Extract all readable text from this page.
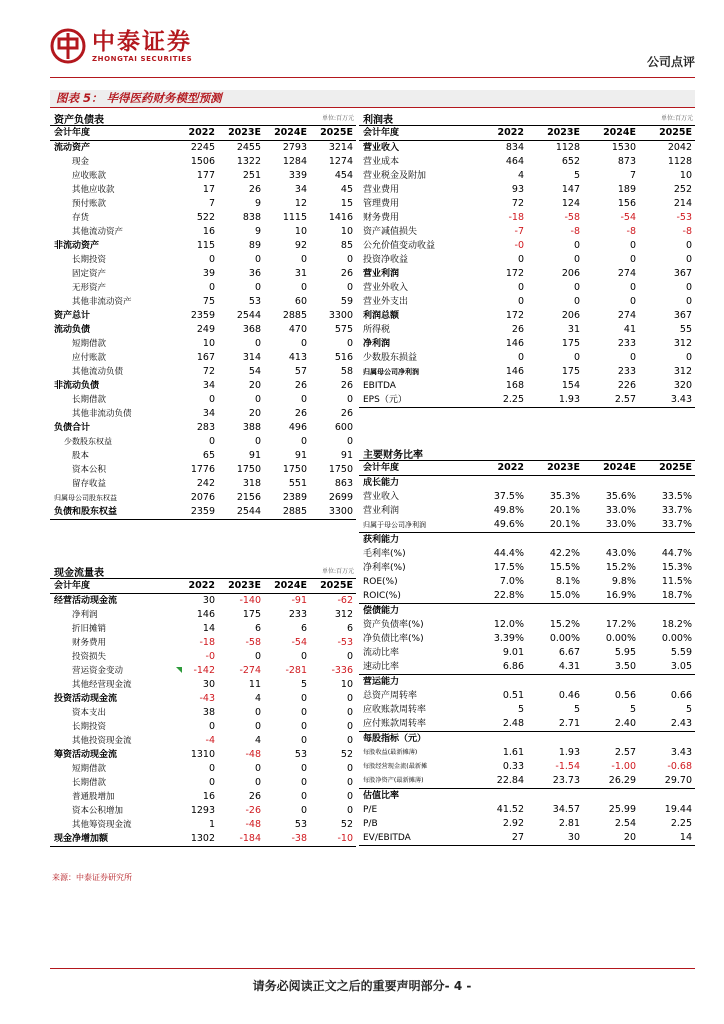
中泰证券
ZHONGTAI SECURITIES	公司点评
图表 5： 毕得医药财务模型预测
资产负债表	单位:百万元 利润表	单位:百万元
主要财务比率
现金流量表	单位:百万元
会计年度	2022	2023E	2024E	2025E
流动资产	2245	2455	2793	3214
现金	1506	1322	1284	1274
应收账款	177	251	339	454
其他应收款	17	26	34	45
预付账款	7	9	12	15
存货	522	838	1115	1416
其他流动资产	16	9	10	10
非流动资产	115	89	92	85
长期投资	0	0	0	0
固定资产	39	36	31	26
无形资产	0	0	0	0
其他非流动资产	75	53	60	59
资产总计	2359	2544	2885	3300
流动负债	249	368	470	575
短期借款	10	0	0	0
应付账款	167	314	413	516
其他流动负债	72	54	57	58
非流动负债	34	20	26	26
长期借款	0	0	0	0
其他非流动负债	34	20	26	26
负债合计	283	388	496	600
少数股东权益	0	0	0	0
股本	65	91	91	91
资本公积	1776	1750	1750	1750
留存收益	242	318	551	863
归属母公司股东权益	2076	2156	2389	2699
负债和股东权益	2359	2544	2885	3300
会计年度	2022	2023E	2024E	2025E
营业收入	834	1128	1530	2042
营业成本	464	652	873	1128
营业税金及附加	4	5	7	10
营业费用	93	147	189	252
管理费用	72	124	156	214
财务费用	-18	-58	-54	-53
资产减值损失	-7	-8	-8	-8
公允价值变动收益	-0	0	0	0
投资净收益	0	0	0	0
营业利润	172	206	274	367
营业外收入	0	0	0	0
营业外支出	0	0	0	0
利润总额	172	206	274	367
所得税	26	31	41	55
净利润	146	175	233	312
少数股东损益	0	0	0	0
归属母公司净利润	146	175	233	312
EBITDA	168	154	226	320
EPS（元）	2.25	1.93	2.57	3.43
会计年度	2022	2023E	2024E	2025E
成长能力				
营业收入	37.5%	35.3%	35.6%	33.5%
营业利润	49.8%	20.1%	33.0%	33.7%
归属于母公司净利润	49.6%	20.1%	33.0%	33.7%
获利能力				
毛利率(%)	44.4%	42.2%	43.0%	44.7%
净利率(%)	17.5%	15.5%	15.2%	15.3%
ROE(%)	7.0%	8.1%	9.8%	11.5%
ROIC(%)	22.8%	15.0%	16.9%	18.7%
偿债能力				
资产负债率(%)	12.0%	15.2%	17.2%	18.2%
净负债比率(%)	3.39%	0.00%	0.00%	0.00%
流动比率	9.01	6.67	5.95	5.59
速动比率	6.86	4.31	3.50	3.05
营运能力				
总资产周转率	0.51	0.46	0.56	0.66
应收账款周转率	5	5	5	5
应付账款周转率	2.48	2.71	2.40	2.43
每股指标（元）				
每股收益(最新摊薄)	1.61	1.93	2.57	3.43
每股经营现金流(最新摊	0.33	-1.54	-1.00	-0.68
每股净资产(最新摊薄)	22.84	23.73	26.29	29.70
估值比率				
P/E	41.52	34.57	25.99	19.44
P/B	2.92	2.81	2.54	2.25
EV/EBITDA	27	30	20	14
会计年度	2022	2023E	2024E	2025E
经营活动现金流	30	-140	-91	-62
净利润	146	175	233	312
折旧摊销	14	6	6	6
财务费用	-18	-58	-54	-53
投资损失	-0	0	0	0
营运资金变动	-142	-274	-281	-336
其他经营现金流	30	11	5	10
投资活动现金流	-43	4	0	0
资本支出	38	0	0	0
长期投资	0	0	0	0
其他投资现金流	-4	4	0	0
筹资活动现金流	1310	-48	53	52
短期借款	0	0	0	0
长期借款	0	0	0	0
普通股增加	16	26	0	0
资本公积增加	1293	-26	0	0
其他筹资现金流	1	-48	53	52
现金净增加额	1302	-184	-38	-10
来源：中泰证券研究所
请务必阅读正文之后的重要声明部分- 4 -
